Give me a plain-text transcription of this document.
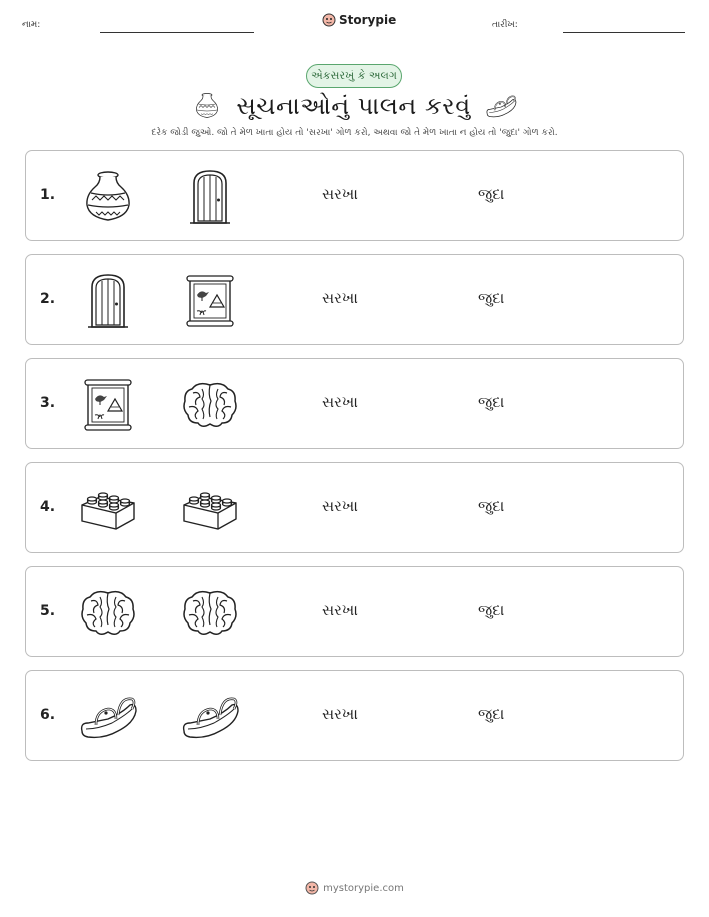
નામ:	Storypie	તારીખ:
એકસરખું કે અલગ
સૂચનાઓનું પાલન કરવું
દરેક જોડી જુઓ. જો તે મેળ ખાતા હોય તો 'સરખા' ગોળ કરો, અથવા જો તે મેળ ખાતા ન હોય તો 'જુદા' ગોળ કરો.
1.	સરખા	જુદા
2.	સરખા	જુદા
3.	સરખા	જુદા
4.	સરખા	જુદા
5.	સરખા	જુદા
6.	સરખા	જુદા
mystorypie.com
